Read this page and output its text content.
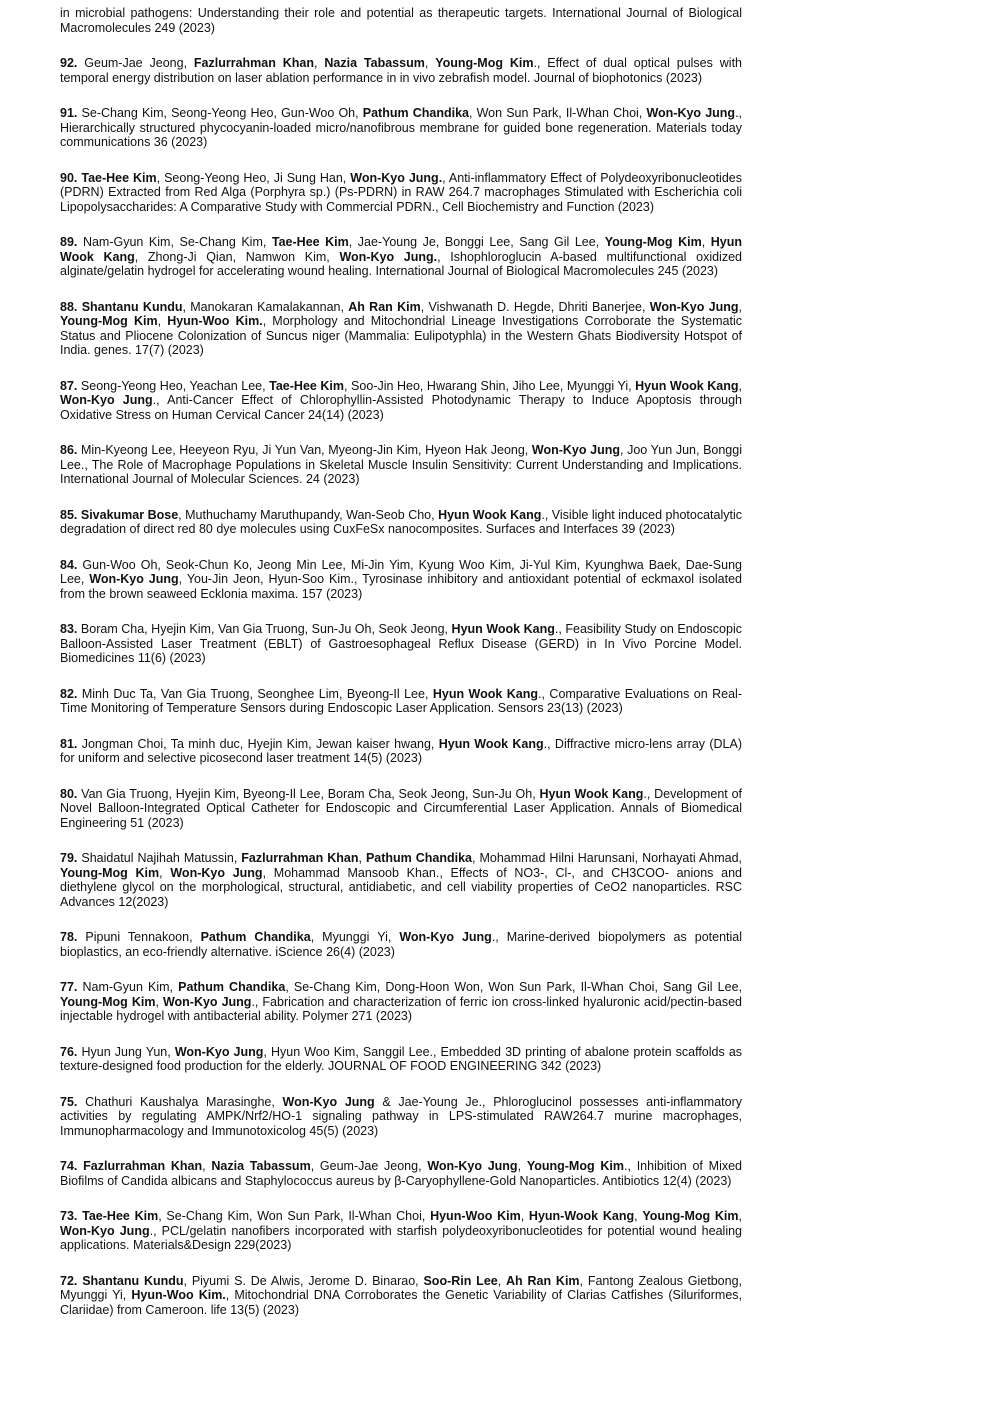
in microbial pathogens: Understanding their role and potential as therapeutic targets. International Journal of Biological Macromolecules 249 (2023)

92. Geum-Jae Jeong, Fazlurrahman Khan, Nazia Tabassum, Young-Mog Kim., Effect of dual optical pulses with temporal energy distribution on laser ablation performance in in vivo zebrafish model. Journal of biophotonics (2023)

91. Se-Chang Kim, Seong-Yeong Heo, Gun-Woo Oh, Pathum Chandika, Won Sun Park, Il-Whan Choi, Won-Kyo Jung., Hierarchically structured phycocyanin-loaded micro/nanofibrous membrane for guided bone regeneration. Materials today communications 36 (2023)

90. Tae-Hee Kim, Seong-Yeong Heo, Ji Sung Han, Won-Kyo Jung., Anti-inflammatory Effect of Polydeoxyribonucleotides (PDRN) Extracted from Red Alga (Porphyra sp.) (Ps-PDRN) in RAW 264.7 macrophages Stimulated with Escherichia coli Lipopolysaccharides: A Comparative Study with Commercial PDRN., Cell Biochemistry and Function (2023)

89. Nam-Gyun Kim, Se-Chang Kim, Tae-Hee Kim, Jae-Young Je, Bonggi Lee, Sang Gil Lee, Young-Mog Kim, Hyun Wook Kang, Zhong-Ji Qian, Namwon Kim, Won-Kyo Jung., Ishophloroglucin A-based multifunctional oxidized alginate/gelatin hydrogel for accelerating wound healing. International Journal of Biological Macromolecules 245 (2023)

88. Shantanu Kundu, Manokaran Kamalakannan, Ah Ran Kim, Vishwanath D. Hegde, Dhriti Banerjee, Won-Kyo Jung, Young-Mog Kim, Hyun-Woo Kim., Morphology and Mitochondrial Lineage Investigations Corroborate the Systematic Status and Pliocene Colonization of Suncus niger (Mammalia: Eulipotyphla) in the Western Ghats Biodiversity Hotspot of India. genes. 17(7) (2023)

87. Seong-Yeong Heo, Yeachan Lee, Tae-Hee Kim, Soo-Jin Heo, Hwarang Shin, Jiho Lee, Myunggi Yi, Hyun Wook Kang, Won-Kyo Jung., Anti-Cancer Effect of Chlorophyllin-Assisted Photodynamic Therapy to Induce Apoptosis through Oxidative Stress on Human Cervical Cancer 24(14) (2023)

86. Min-Kyeong Lee, Heeyeon Ryu, Ji Yun Van, Myeong-Jin Kim, Hyeon Hak Jeong, Won-Kyo Jung, Joo Yun Jun, Bonggi Lee., The Role of Macrophage Populations in Skeletal Muscle Insulin Sensitivity: Current Understanding and Implications. International Journal of Molecular Sciences. 24 (2023)

85. Sivakumar Bose, Muthuchamy Maruthupandy, Wan-Seob Cho, Hyun Wook Kang., Visible light induced photocatalytic degradation of direct red 80 dye molecules using CuxFeSx nanocomposites. Surfaces and Interfaces 39 (2023)

84. Gun-Woo Oh, Seok-Chun Ko, Jeong Min Lee, Mi-Jin Yim, Kyung Woo Kim, Ji-Yul Kim, Kyunghwa Baek, Dae-Sung Lee, Won-Kyo Jung, You-Jin Jeon, Hyun-Soo Kim., Tyrosinase inhibitory and antioxidant potential of eckmaxol isolated from the brown seaweed Ecklonia maxima. 157 (2023)

83. Boram Cha, Hyejin Kim, Van Gia Truong, Sun-Ju Oh, Seok Jeong, Hyun Wook Kang., Feasibility Study on Endoscopic Balloon-Assisted Laser Treatment (EBLT) of Gastroesophageal Reflux Disease (GERD) in In Vivo Porcine Model. Biomedicines 11(6) (2023)

82. Minh Duc Ta, Van Gia Truong, Seonghee Lim, Byeong-Il Lee, Hyun Wook Kang., Comparative Evaluations on Real-Time Monitoring of Temperature Sensors during Endoscopic Laser Application. Sensors 23(13) (2023)

81. Jongman Choi, Ta minh duc, Hyejin Kim, Jewan kaiser hwang, Hyun Wook Kang., Diffractive micro-lens array (DLA) for uniform and selective picosecond laser treatment 14(5) (2023)

80. Van Gia Truong, Hyejin Kim, Byeong-Il Lee, Boram Cha, Seok Jeong, Sun-Ju Oh, Hyun Wook Kang., Development of Novel Balloon-Integrated Optical Catheter for Endoscopic and Circumferential Laser Application. Annals of Biomedical Engineering 51 (2023)

79. Shaidatul Najihah Matussin, Fazlurrahman Khan, Pathum Chandika, Mohammad Hilni Harunsani, Norhayati Ahmad, Young-Mog Kim, Won-Kyo Jung, Mohammad Mansoob Khan., Effects of NO3-, Cl-, and CH3COO- anions and diethylene glycol on the morphological, structural, antidiabetic, and cell viability properties of CeO2 nanoparticles. RSC Advances 12(2023)

78. Pipuni Tennakoon, Pathum Chandika, Myunggi Yi, Won-Kyo Jung., Marine-derived biopolymers as potential bioplastics, an eco-friendly alternative. iScience 26(4) (2023)

77. Nam-Gyun Kim, Pathum Chandika, Se-Chang Kim, Dong-Hoon Won, Won Sun Park, Il-Whan Choi, Sang Gil Lee, Young-Mog Kim, Won-Kyo Jung., Fabrication and characterization of ferric ion cross-linked hyaluronic acid/pectin-based injectable hydrogel with antibacterial ability. Polymer 271 (2023)

76. Hyun Jung Yun, Won-Kyo Jung, Hyun Woo Kim, Sanggil Lee., Embedded 3D printing of abalone protein scaffolds as texture-designed food production for the elderly. JOURNAL OF FOOD ENGINEERING 342 (2023)

75. Chathuri Kaushalya Marasinghe, Won-Kyo Jung & Jae-Young Je., Phloroglucinol possesses anti-inflammatory activities by regulating AMPK/Nrf2/HO-1 signaling pathway in LPS-stimulated RAW264.7 murine macrophages, Immunopharmacology and Immunotoxicolog 45(5) (2023)

74. Fazlurrahman Khan, Nazia Tabassum, Geum-Jae Jeong, Won-Kyo Jung, Young-Mog Kim., Inhibition of Mixed Biofilms of Candida albicans and Staphylococcus aureus by β-Caryophyllene-Gold Nanoparticles. Antibiotics 12(4) (2023)

73. Tae-Hee Kim, Se-Chang Kim, Won Sun Park, Il-Whan Choi, Hyun-Woo Kim, Hyun-Wook Kang, Young-Mog Kim, Won-Kyo Jung., PCL/gelatin nanofibers incorporated with starfish polydeoxyribonucleotides for potential wound healing applications. Materials&Design 229(2023)

72. Shantanu Kundu, Piyumi S. De Alwis, Jerome D. Binarao, Soo-Rin Lee, Ah Ran Kim, Fantong Zealous Gietbong, Myunggi Yi, Hyun-Woo Kim., Mitochondrial DNA Corroborates the Genetic Variability of Clarias Catfishes (Siluriformes, Clariidae) from Cameroon. life 13(5) (2023)
